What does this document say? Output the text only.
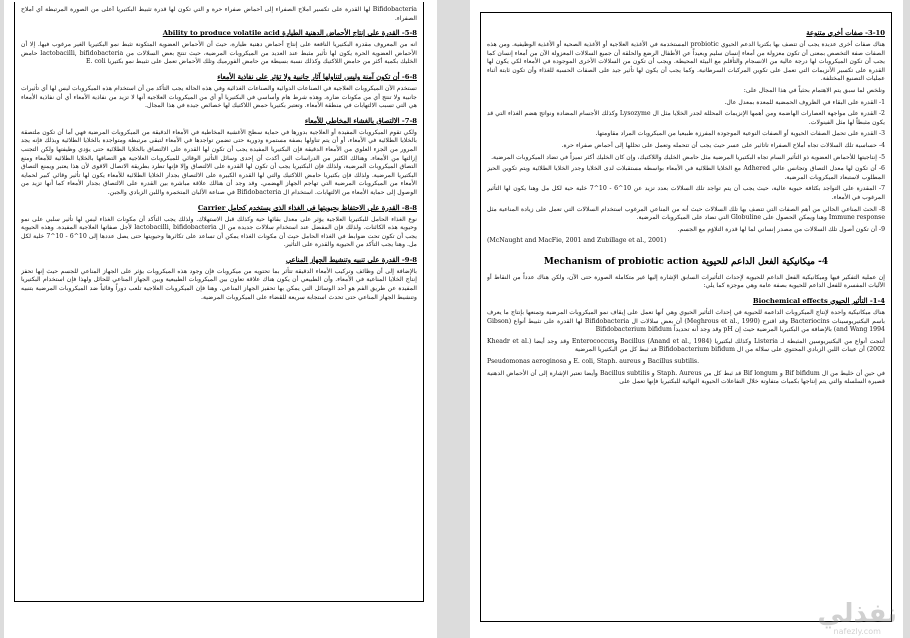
Bifidobacteria لها القدرة على تكسير أملاح الصفراء إلى أحماض صفراء حرة و التي تكون لها قدرة تثبيط البكتيريا أعلى من الصورة المرتبطة أي أملاح الصفراء.

5-8- القدرة على إنتاج الأحماض الدهنية الطيارة Ability to produce volatile acid

انه من المعروف مقدرة البكتيريا النافعة على إنتاج أحماض دهنية طيارة، حيث أن الأحماض العضوية المتكونة تثبط نمو البكتيريا الغير مرغوب فيها. إلا أن الأحماض العضوية الحرة يكون لها تأثير مثبط عند العديد من الميكروبات المرضية، حيث تنتج بعض السلالات من lactobacilli, bifidobacteria حامض الخليك بكمية أكثر من حامض اللاكتيك وكذلك نسبة بسيطة من حامض الفورميك وتلك الأحماض تعمل على تثبيط نمو بكتيريا E. coli

6-8- أن تكون آمنة وليس لتناولها آثار جانبية ولا تؤثر على نفاذية الأمعاء

تستخدم الآن الميكروبات العلاجية في الصناعات الدوائية والصناعات الغذائية وفي هذه الحالة يجب التأكد من أن استخدام هذه الميكروبات ليس لها أي تأثيرات جانبية ولا تنتج أي من مكونات ضارة. وهذه شرط هام وأساسي في البكتيريا أو أي من الميكروبات العلاجية أنها لا تزيد من نفاذية الأمعاء أي أن نفاذية الأمعاء هي التي تسبب الالتهابات في منطقة الأمعاء. وتعتبر بكتيريا حمض اللاكتيك لها خصائص جيدة في هذا المجال.

7-8- الالتصاق بالغشاء المخاطي للأمعاء

ولكي تقوم الميكروبات المفيدة أو العلاجية بدورها في حماية سطح الأغشية المخاطية في الأمعاء الدقيقة من الميكروبات المرضية فهي أما أن تكون ملتصقة بالخلايا الطلائية في الأمعاء، أو أن يتم تناولها بصفة مستمرة ودورية حتى تضمن تواجدها في الأمعاء لتبقى مرتبطة ومتواجدة بالخلايا الطلائية وبذلك فإنه يجد المرور من الجزء العلوي من الأمعاء الدقيقة فإن البكتيريا المفيدة يجب أن تكون لها القدرة على الالتصاق بالخلايا الطلائية حتى يؤدي وظيفتها ولكن التجنب إزالتها من الأمعاء. وهنالك الكثير من الدراسات التي أكدت أن إحدى وسائل التأثير الوقائي للميكروبات العلاجية هو التصاقها بالخلايا الطلائية للأمعاء ومنع التصاق الميكروبات المرضية، ولذلك فإن البكتيريا يجب أن تكون لها القدرة على الالتصاق وإلا فإنها تطرد بطريقة الاتصال الاقوى لأن هذا يعتبر ويمنع التصاق البكتيريا المرضية. ولذلك فإن بكتيريا حامض اللاكتيك والتي لها القدرة الكبيرة على الالتصاق بجدار الخلايا الطلائية للأمعاء يكون لها تأثير وقائي كبير لحماية الأمعاء من الميكروبات المرضية التي تهاجم الجهاز الهضمي. وقد وجد أن هنالك علاقة مباشرة بين القدرة على الالتصاق بجدار الأمعاء كما أنها تزيد من الوصول إلى حماية الأمعاء من الالتهابات. استخدام ال Bifidobacteria في صناعة الألبان المتخمرة واللبن الزبادي والجبن.

8-8- القدرة على الاحتفاظ بحيويتها في الغذاء الذي يستخدم كحامل Carrier

نوع الغذاء الحامل للبكتيريا العلاجية يؤثر على معدل بقائها حية وكذلك قبل الاستهلاك. ولذلك يجب التأكد أن مكونات الغذاء ليس لها تأثير سلبي على نمو وحيوية هذه الكائنات. ولذلك فإن المفضل عند استخدام سلالات جديدة من ال lactobacilli, bifidobacteria لأجل صفاتها العلاجية المفيدة. وهذه الحيوية يجب أن تكون تحت ضوابط في الغذاء الحامل حيث أن مكونات الغذاء يمكن أن تساعد على تكاثرها وحيويتها حتى يصل عددها إلى 10^6 - 10^7 خلية لكل مل. وهنا يجب التأكد من الحيوية والقدرة على التأثير.

9-8- القدرة على تنبيه وتنشيط الجهاز المناعي

بالإضافة إلى أن وظائف وتركيب الأمعاء الدقيقة تتأثر بما تحتويه من ميكروبات فإن وجود هذه الميكروبات يؤثر على الجهاز المناعي للجسم حيث إنها تحفز إنتاج الخلايا المناعية في الأمعاء. وأن الطبيعي أن يكون هناك علاقة تعاون بين الميكروبات الطبيعية وبين الجهاز المناعي للحائل ولهذا فإن استخدام البكتيريا المفيدة عن طريق الفم هو أحد الوسائل التي يمكن بها تحفيز الجهاز المناعي. وهنا فإن الميكروبات العلاجية تلعب دوراً وقائياً ضد الميكروبات المرضية بتنبيه وتنشيط الجهاز المناعي حتى تحدث استجابة سريعة للقضاء على الميكروبات المرضية.

3-10- صفات أخرى متنوعة

هناك صفات أخرى عديدة يجب أن تتصف بها بكتريا الدعم الحيوي probiotic المستخدمة في الأغذية العلاجية أو الأغذية الصحية أو الأغذية الوظيفية. ومن هذه الصفات صفة التخصص بمعنى أن تكون معزولة من أمعاء إنسان سليم وبعيداً عن الأطفال الرضع والحلقة أن جميع السلالات المعزولة الآن من أمعاء إنسان كما يجب أن تكون الميكروبات لها درجة عالية من الانسجام والتأقلم مع البيئة المحيطة. ويجب أن تكون من السلالات الأخرى الموجودة في الأمعاء لكي يكون لها القدرة على تكسير الأنزيمات التي تعمل على تكوين المركبات السرطانية. وكما يجب أن يكون لها تأثير جيد على الصفات الحسية للغذاء وأن تكون ثابتة أثناء عمليات التصنيع المختلفة.

ونلخص لما سبق يتم الاهتمام بحثياً في هذا المجال على:

1- القدرة على البقاء في الظروف الحمضية للمعدة بمعدل عال.

2- القدرة على مواجهة العصارات الهاضمة ومن أهمها الإنزيمات المحللة لجدر الخلايا مثل ال Lysozyme وكذلك الأجسام المضادة ونواتج هضم الغذاء التي قد يكون مثبطاً لها مثل الفينولات.

3- القدرة على تحمل الصفات الحيوية أو الصفات النوعية الموجودة المفرزة طبيعيا من الميكروبات المراد مقاومتها.

4- حساسية تلك السلالات تجاه أملاح الصفراء تاتاثير على عسر حيث يجب أن تتحمله وتعمل على تحللها إلى أحماض صفراء حرة.

5- إنتاجيتها للأحماض العضوية ذو التأثير السام تجاه البكتيريا المرضية مثل حامض الخليك واللاكتيك، وإن كان الخليك أكثر تميزاً في تضاد الميكروبات المرضية.

6- أن تكون لها معدل التصاق وتجانس عالي Adhered مع الخلايا الطلائية في الأمعاء بواسطة مستقبلات لدى الخلايا وجدر الخلايا الطلائية ويتم تكوين الحيز المطلوب لاستبعاد الميكروبات المرضية.

7- المقدرة على التواجد بكثافة حيوية عالية، حيث يجب أن يتم تواجد تلك السلالات بعدد تزيد عن 10^6 - 10^7 خلية حية لكل مل وهنا يكون لها التأثير المرغوب في الأمعاء.

8- الحث المناعي الحالي من أهم الصفات التي تتصف بها تلك السلالات حيث أنه من المناعي المرغوب استخدام السلالات التي تعمل على زيادة المناعية مثل Immune response وهنا ويمكن الحصول على Globuline التي تضاد على الميكروبات المرضية.

9- أن تكون أصول تلك السلالات من مصدر إنساني لما لها قدرة التلاؤم مع الجسم.

(McNaught and MacFie, 2001 and Zubillage et al., 2001)

4- ميكانيكية الفعل الداعم للحيوية Mechanism of probiotic action

إن عملية التفكير فيها وميكانيكية الفعل الداعم للحيوية لإحداث التأثيرات السابق الإشارة إليها غير متكاملة الصورة حتى الآن، ولكن هناك عدداً من النقاط أو الآليات المفسرة للفعل الداعم للحيوية بصفة عامة وهي موجزة كما يلي:

1-4- التأثير الحيوي Biochemical effects

هناك ميكانيكية واحدة لإنتاج الميكروبات الداعمة للحيوية في إحداث التأثير الحيوي وهي أنها تعمل على إيقاف نمو الميكروبات المرضية وتمنعها بإنتاج ما يعرف باسم البكتيريوسينات Bacteriocins وقد اقترح (Meghrous et al., 1990) أن بعض سلالات ال Bifidobacteria لها القدرة على تثبيط أنواع (Gibson and Wang 1994) بالإضافة من البكتيريا المرضية حيث إن pH وقد وجد أنه تحديداً Bifidobacterium bifidum

أنتجت أنواع من البكتيريوسين المثبطة لـ Listeria وكذلك لبكتيريا Bacillus (Anand et al., 1984) وEnterococcus وقد وجد أيضا (Kheadr et al. 2002) أن عينات اللبن الزبادي المحتوي على سلالة من ال Bifidobacterium bifidum قد ثبط كل من البكتيريا المرضية

Pseudomonas aeroginosa و E. coli, Staph. aureus و Bacillus subtilis.

في حين أن خليط من ال Bif bifidum و Bif longum قد ثبط كل من Staph. Aureus و Bacillus subtilis وأيضا تعتبر الإشارة إلى أن الأحماض الدهنية قصيرة السلسلة والتي يتم إنتاجها بكميات متفاوتة خلال التفاعلات الحيوية النهائية للبكتيريا فإنها تعمل على

نفذلي
nafezly.com
